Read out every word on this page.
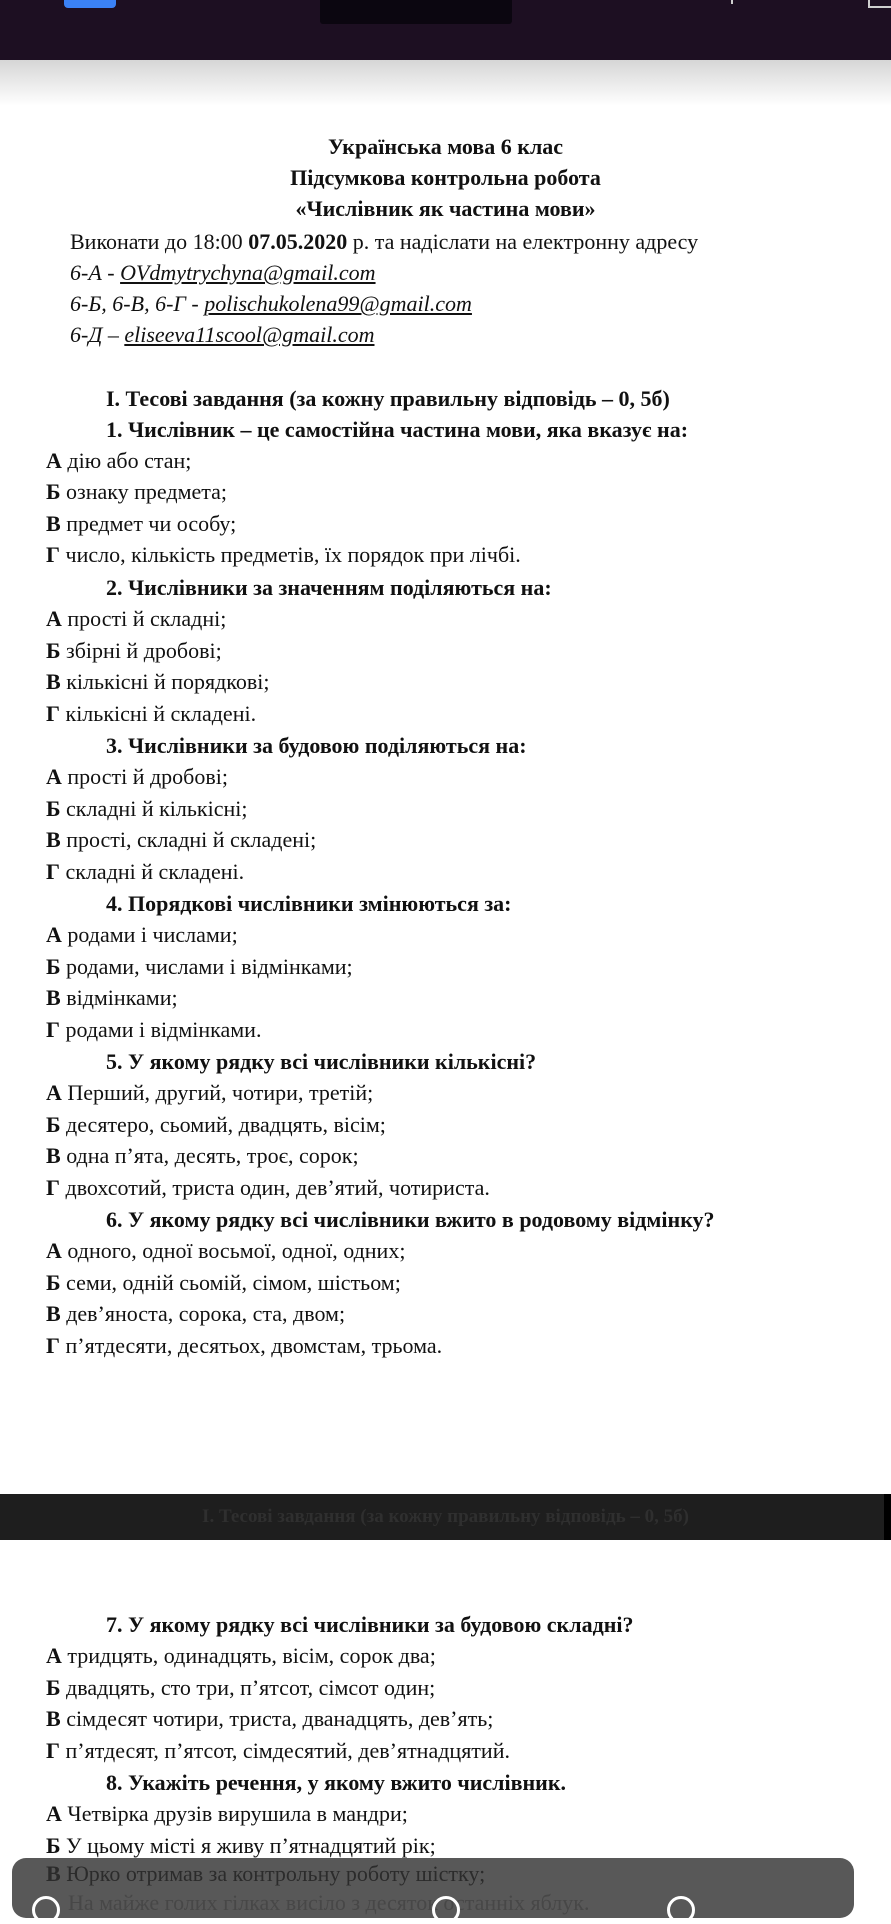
Українська мова 6 клас
Підсумкова контрольна робота
«Числівник як частина мови»
Виконати до 18:00 07.05.2020 р. та надіслати на електронну адресу
6-А - OVdmytrychyna@gmail.com
6-Б, 6-В, 6-Г - polischukolena99@gmail.com
6-Д – eliseeva11scool@gmail.com
І. Тесові завдання (за кожну правильну відповідь – 0, 5б)
1. Числівник – це самостійна частина мови, яка вказує на:
А дію або стан;
Б ознаку предмета;
В предмет чи особу;
Г число, кількість предметів, їх порядок при лічбі.
2. Числівники за значенням поділяються на:
А прості й складні;
Б збірні й дробові;
В кількісні й порядкові;
Г кількісні й складені.
3. Числівники за будовою поділяються на:
А прості й дробові;
Б складні й кількісні;
В прості, складні й складені;
Г складні й складені.
4. Порядкові числівники змінюються за:
А родами і числами;
Б родами, числами і відмінками;
В відмінками;
Г родами і відмінками.
5. У якому рядку всі числівники кількісні?
А Перший, другий, чотири, третій;
Б десятеро, сьомий, двадцять, вісім;
В одна п’ята, десять, троє, сорок;
Г двохсотий, триста один, дев’ятий, чотириста.
6. У якому рядку всі числівники вжито в родовому відмінку?
А одного, одної восьмої, одної, одних;
Б семи, одній сьомій, сімом, шістьом;
В дев’яноста, сорока, ста, двом;
Г п’ятдесяти, десятьох, двомстам, трьома.
І. Тесові завдання (за кожну правильну відповідь – 0, 5б)
7. У якому рядку всі числівники за будовою складні?
А тридцять, одинадцять, вісім, сорок два;
Б двадцять, сто три, п’ятсот, сімсот один;
В сімдесят чотири, триста, дванадцять, дев’ять;
Г п’ятдесят, п’ятсот, сімдесятий, дев’ятнадцятий.
8. Укажіть речення, у якому вжито числівник.
А Четвірка друзів вирушила в мандри;
Б У цьому місті я живу п’ятнадцятий рік;
В Юрко отримав за контрольну роботу шістку;
На майже голих гілках висіло з десяток останніх яблук.
